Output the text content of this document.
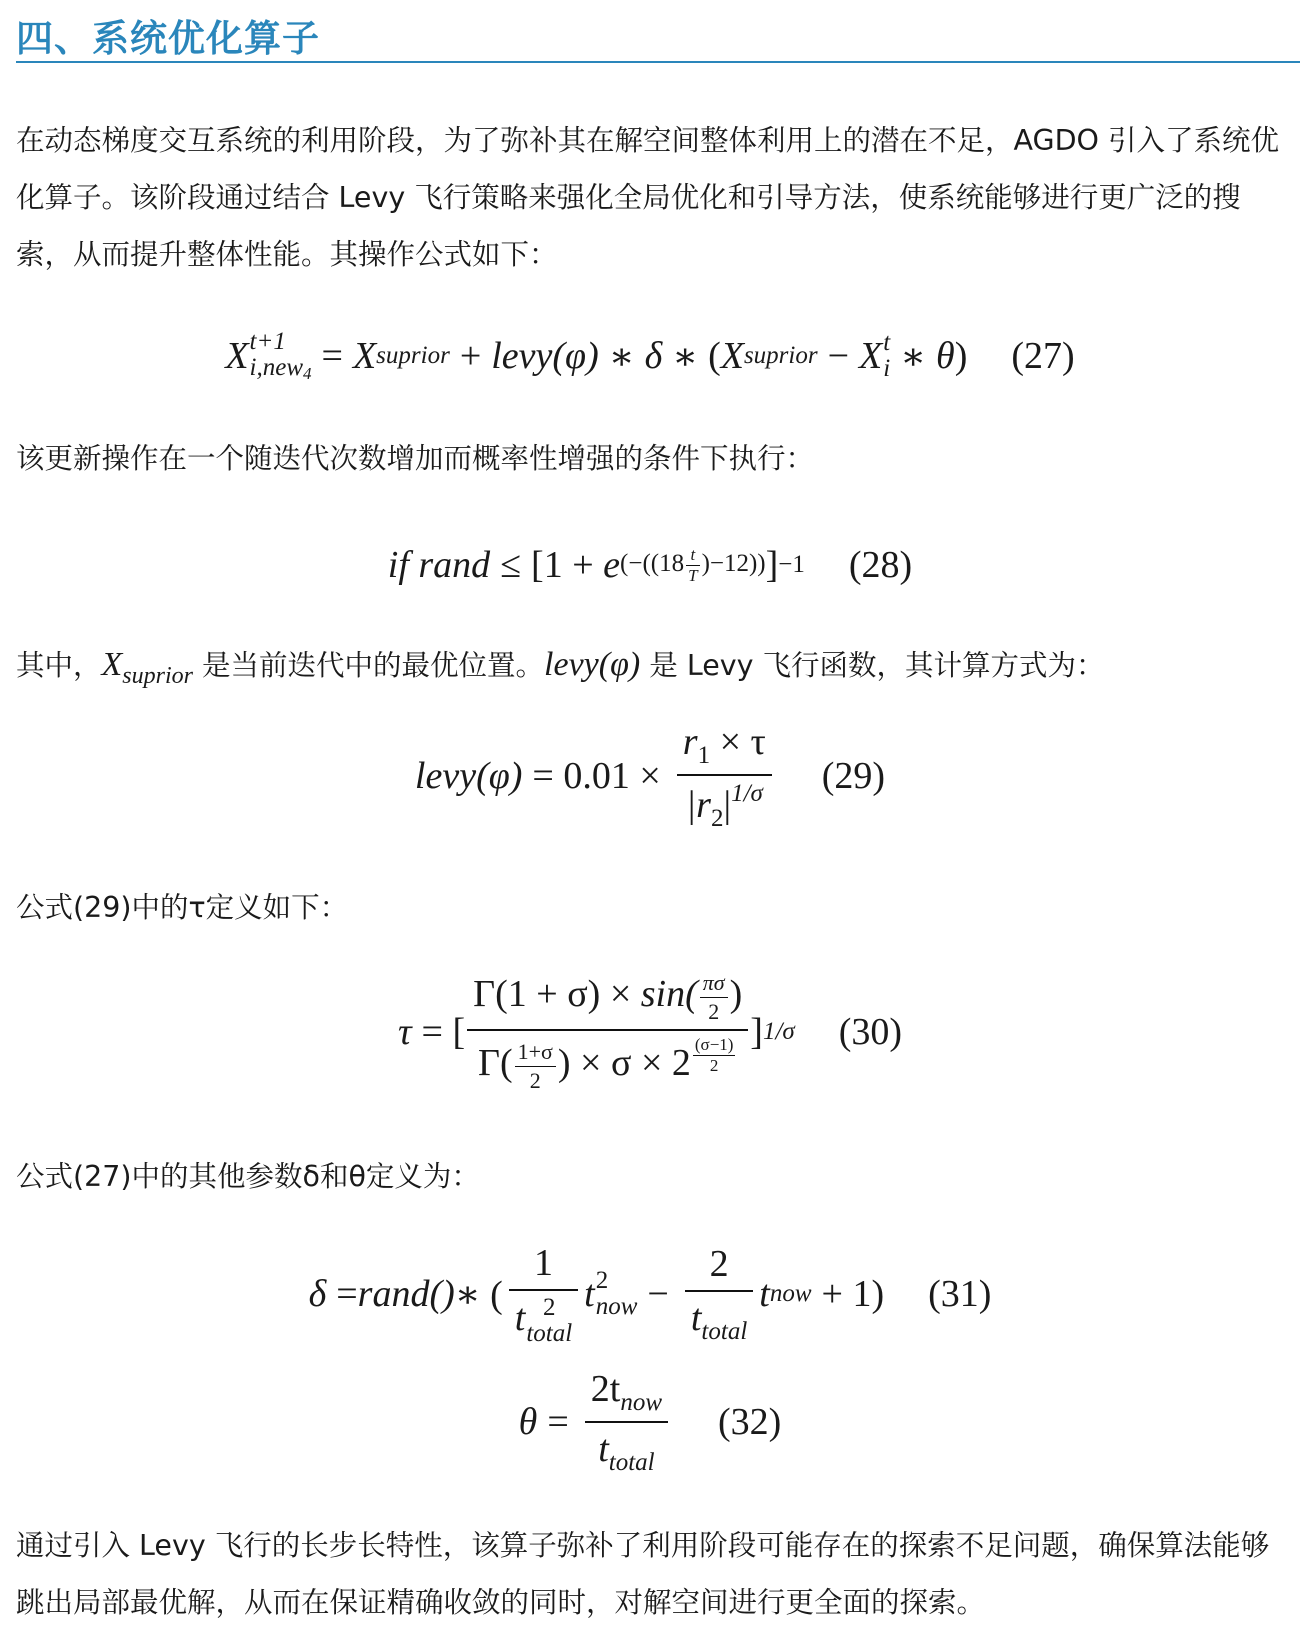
四、系统优化算子
在动态梯度交互系统的利用阶段，为了弥补其在解空间整体利用上的潜在不足，AGDO 引入了系统优化算子。该阶段通过结合 Levy 飞行策略来强化全局优化和引导方法，使系统能够进行更广泛的搜索，从而提升整体性能。其操作公式如下：
X t+1
i,new4 = X suprior + levy(φ) ∗ δ ∗ ( X suprior − X t
i ∗ θ ) (27)
该更新操作在一个随迭代次数增加而概率性增强的条件下执行：
if rand ≤ [1 +
e $(-((18 \frac{t}{T} )-12))$ ] −1 (28)
其中，$X_{suprior}$ 是当前迭代中的最优位置。levy(φ) 是 Levy 飞行函数，其计算方式为：
levy(φ) = $0.01 \times \frac{r_1 \times \tau}{|r_2|^{1/\sigma}} (29)$
公式(29)中的τ定义如下：
τ = [
$\Gamma(1 + \sigma) \times \sin( \frac{\pi\sigma}{2}$ )
$\Gamma( \frac{1+\sigma}{2}$ ) × $\sigma \times 2 \frac{(\sigma-1)}{2}$
] 1/σ (30)
公式(27)中的其他参数δ和θ定义为：
δ = rand() ∗ (
1
t 2
total
t 2
now −
2
$t_{total}$
t now + 1) (31)
θ =
$2t_{now}$
$t_{total}$
(32)
通过引入 Levy 飞行的长步长特性，该算子弥补了利用阶段可能存在的探索不足问题，确保算法能够跳出局部最优解，从而在保证精确收敛的同时，对解空间进行更全面的探索。
